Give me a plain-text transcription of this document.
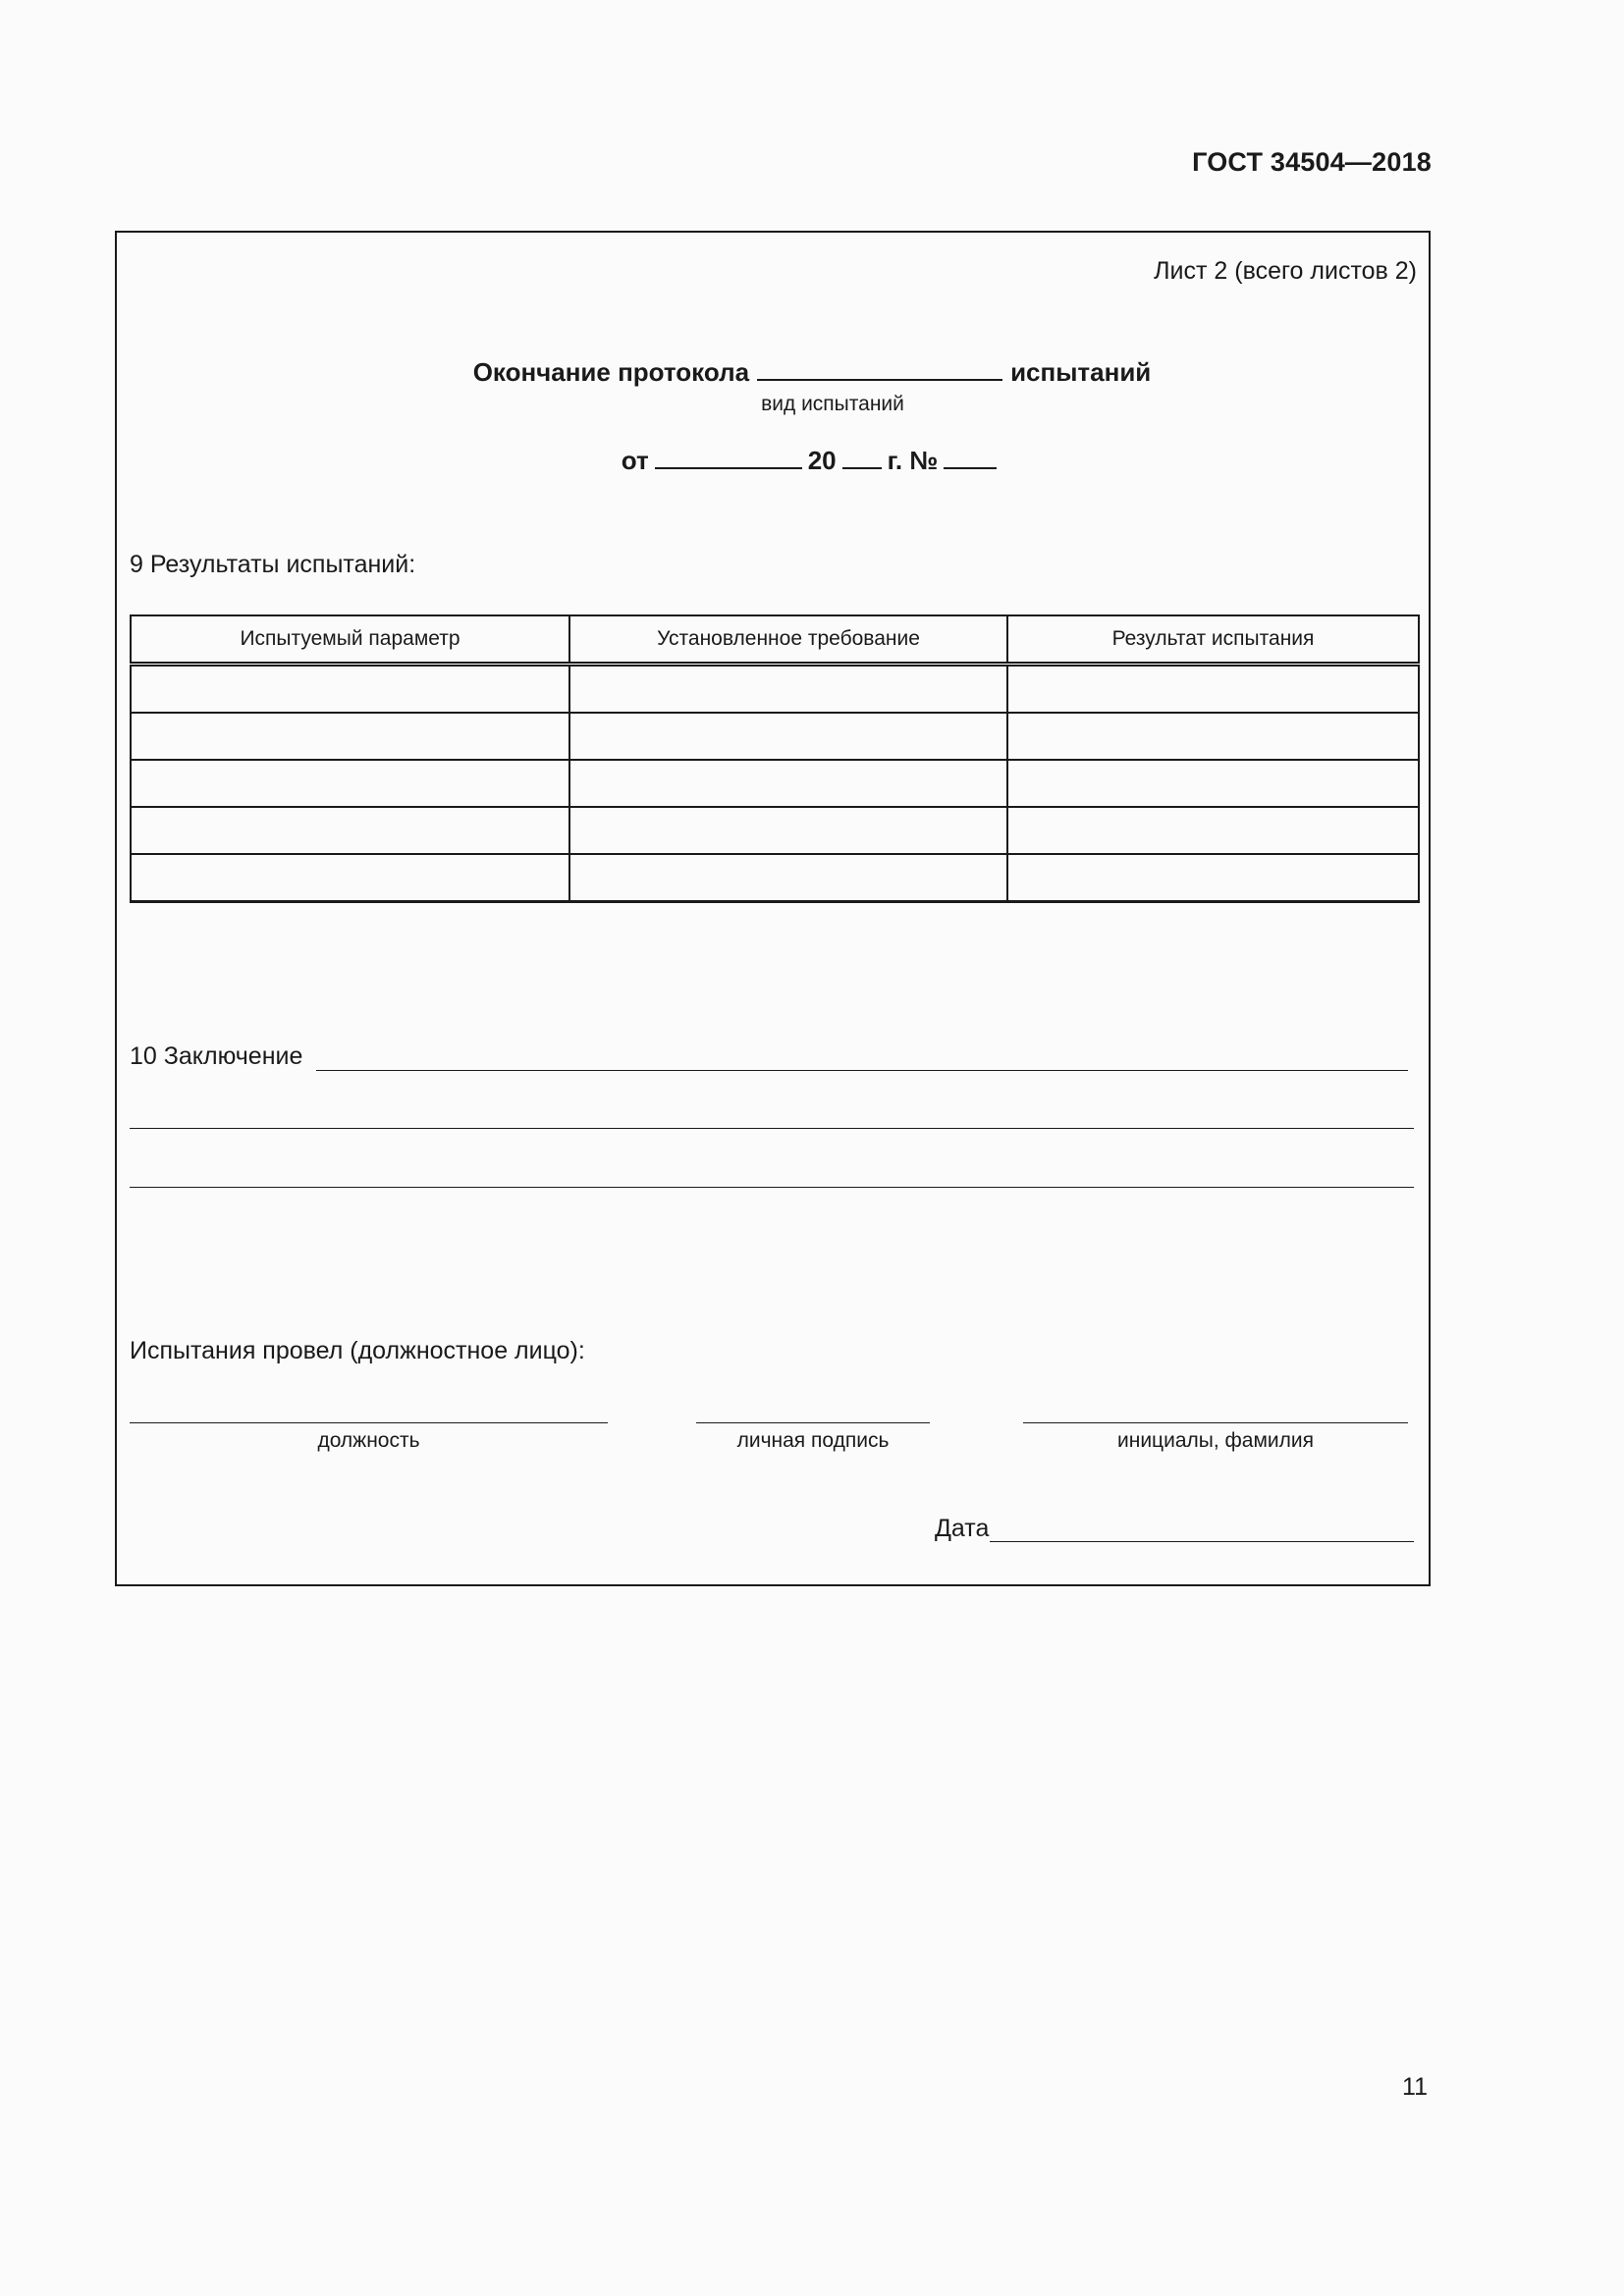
ГОСТ 34504—2018
Лист 2 (всего листов 2)
Окончание протокола	испытаний
вид испытаний
от	20 г. №
9 Результаты испытаний:
Испытуемый параметр	Установленное требование	Результат испытания

10 Заключение
Испытания провел (должностное лицо):
должность	личная подпись	инициалы, фамилия
Дата
11
